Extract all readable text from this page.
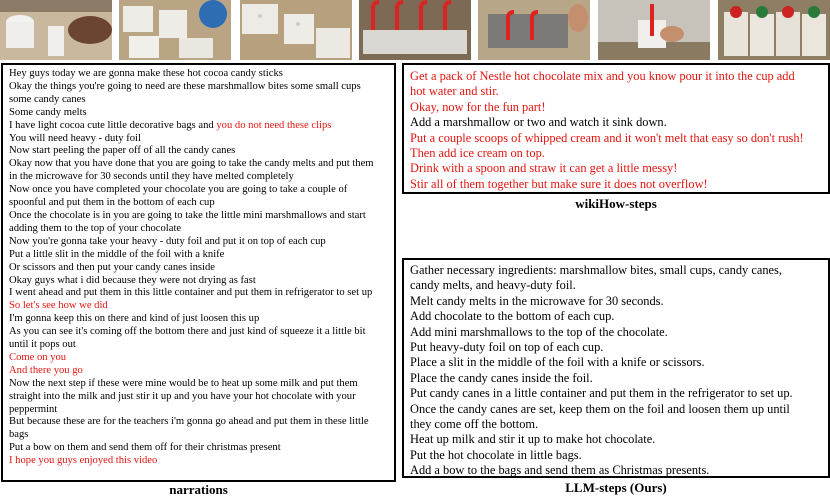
Hey guys today we are gonna make these hot cocoa candy sticks
Okay the things you're going to need are these marshmallow bites some small cups
some candy canes
Some candy melts
I have light cocoa cute little decorative bags and you do not need these clips
You will need heavy - duty foil
Now start peeling the paper off of all the candy canes
Okay now that you have done that you are going to take the candy melts and put them
in the microwave for 30 seconds until they have melted completely
Now once you have completed your chocolate you are going to take a couple of
spoonful and put them in the bottom of each cup
Once the chocolate is in you are going to take the little mini marshmallows and start
adding them to the top of your chocolate
Now you're gonna take your heavy - duty foil and put it on top of each cup
Put a little slit in the middle of the foil with a knife
Or scissors and then put your candy canes inside
Okay guys what i did because they were not drying as fast
I went ahead and put them in this little container and put them in refrigerator to set up
So let's see how we did
I'm gonna keep this on there and kind of just loosen this up
As you can see it's coming off the bottom there and just kind of squeeze it a little bit
until it pops out
Come on you
And there you go
Now the next step if these were mine would be to heat up some milk and put them
straight into the milk and just stir it up and you have your hot chocolate with your
peppermint
But because these are for the teachers i'm gonna go ahead and put them in these little
bags
Put a bow on them and send them off for their christmas present
I hope you guys enjoyed this video
narrations
Get a pack of Nestle hot chocolate mix and you know pour it into the cup add
hot water and stir.
Okay, now for the fun part!
Add a marshmallow or two and watch it sink down.
Put a couple scoops of whipped cream and it won't melt that easy so don't rush!
Then add ice cream on top.
Drink with a spoon and straw it can get a little messy!
Stir all of them together but make sure it does not overflow!
wikiHow-steps
Gather necessary ingredients: marshmallow bites, small cups, candy canes,
candy melts, and heavy-duty foil.
Melt candy melts in the microwave for 30 seconds.
Add chocolate to the bottom of each cup.
Add mini marshmallows to the top of the chocolate.
Put heavy-duty foil on top of each cup.
Place a slit in the middle of the foil with a knife or scissors.
Place the candy canes inside the foil.
Put candy canes in a little container and put them in the refrigerator to set up.
Once the candy canes are set, keep them on the foil and loosen them up until
they come off the bottom.
Heat up milk and stir it up to make hot chocolate.
Put the hot chocolate in little bags.
Add a bow to the bags and send them as Christmas presents.
LLM-steps (Ours)
